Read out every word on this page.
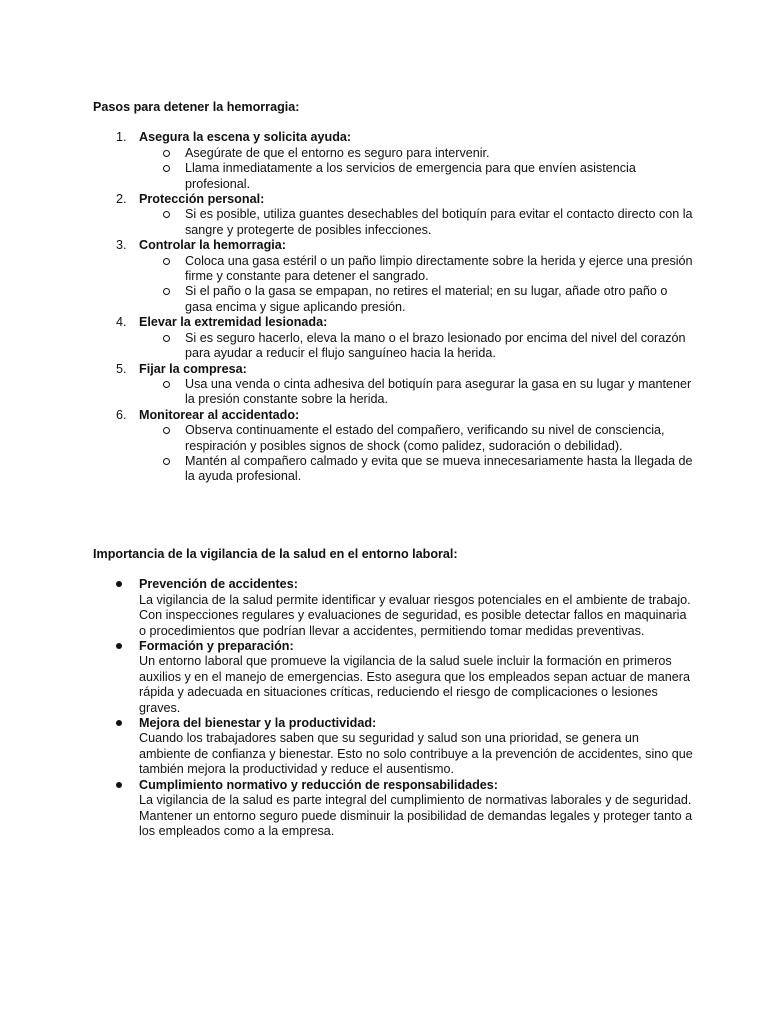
Pasos para detener la hemorragia:
1. Asegura la escena y solicita ayuda:
Asegúrate de que el entorno es seguro para intervenir.
Llama inmediatamente a los servicios de emergencia para que envíen asistencia profesional.
2. Protección personal:
Si es posible, utiliza guantes desechables del botiquín para evitar el contacto directo con la sangre y protegerte de posibles infecciones.
3. Controlar la hemorragia:
Coloca una gasa estéril o un paño limpio directamente sobre la herida y ejerce una presión firme y constante para detener el sangrado.
Si el paño o la gasa se empapan, no retires el material; en su lugar, añade otro paño o gasa encima y sigue aplicando presión.
4. Elevar la extremidad lesionada:
Si es seguro hacerlo, eleva la mano o el brazo lesionado por encima del nivel del corazón para ayudar a reducir el flujo sanguíneo hacia la herida.
5. Fijar la compresa:
Usa una venda o cinta adhesiva del botiquín para asegurar la gasa en su lugar y mantener la presión constante sobre la herida.
6. Monitorear al accidentado:
Observa continuamente el estado del compañero, verificando su nivel de consciencia, respiración y posibles signos de shock (como palidez, sudoración o debilidad).
Mantén al compañero calmado y evita que se mueva innecesariamente hasta la llegada de la ayuda profesional.
Importancia de la vigilancia de la salud en el entorno laboral:
Prevención de accidentes:
La vigilancia de la salud permite identificar y evaluar riesgos potenciales en el ambiente de trabajo. Con inspecciones regulares y evaluaciones de seguridad, es posible detectar fallos en maquinaria o procedimientos que podrían llevar a accidentes, permitiendo tomar medidas preventivas.
Formación y preparación:
Un entorno laboral que promueve la vigilancia de la salud suele incluir la formación en primeros auxilios y en el manejo de emergencias. Esto asegura que los empleados sepan actuar de manera rápida y adecuada en situaciones críticas, reduciendo el riesgo de complicaciones o lesiones graves.
Mejora del bienestar y la productividad:
Cuando los trabajadores saben que su seguridad y salud son una prioridad, se genera un ambiente de confianza y bienestar. Esto no solo contribuye a la prevención de accidentes, sino que también mejora la productividad y reduce el ausentismo.
Cumplimiento normativo y reducción de responsabilidades:
La vigilancia de la salud es parte integral del cumplimiento de normativas laborales y de seguridad. Mantener un entorno seguro puede disminuir la posibilidad de demandas legales y proteger tanto a los empleados como a la empresa.
